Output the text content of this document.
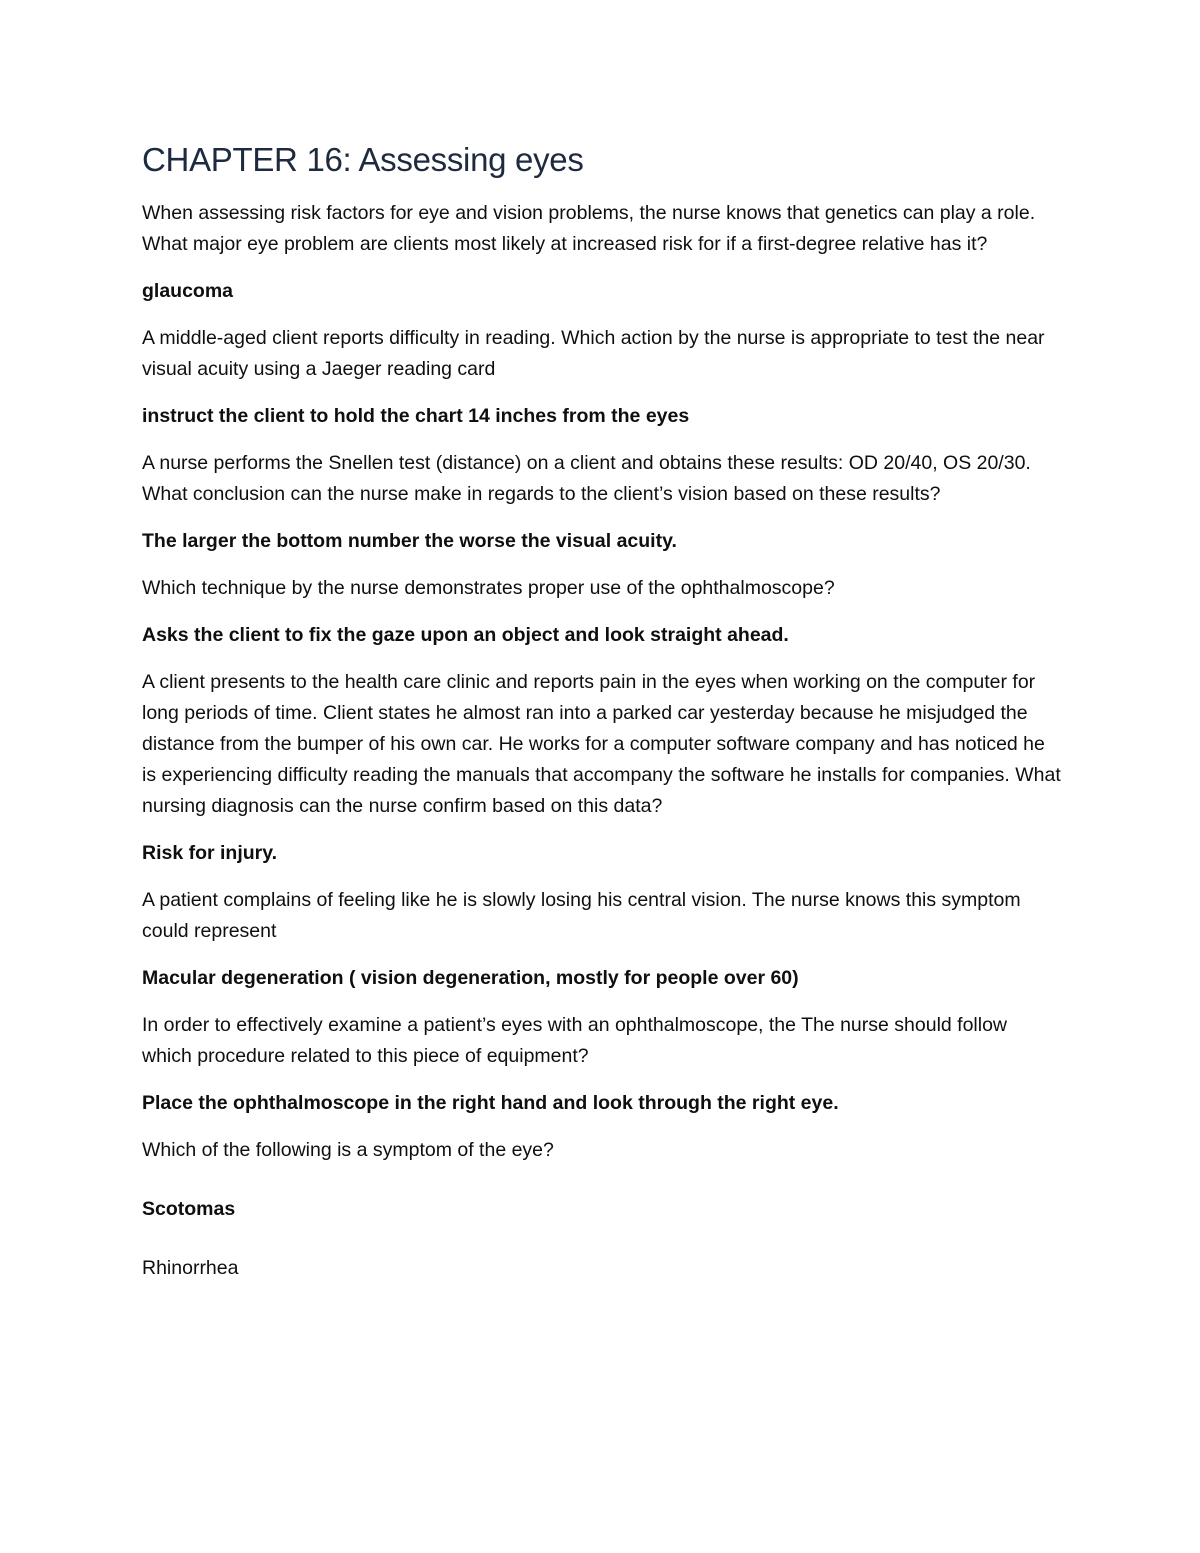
CHAPTER 16: Assessing eyes

When assessing risk factors for eye and vision problems, the nurse knows that genetics can play a role. What major eye problem are clients most likely at increased risk for if a first-degree relative has it?

glaucoma

A middle-aged client reports difficulty in reading. Which action by the nurse is appropriate to test the near visual acuity using a Jaeger reading card

instruct the client to hold the chart 14 inches from the eyes

A nurse performs the Snellen test (distance) on a client and obtains these results: OD 20/40, OS 20/30. What conclusion can the nurse make in regards to the client’s vision based on these results?

The larger the bottom number the worse the visual acuity.

Which technique by the nurse demonstrates proper use of the ophthalmoscope?

Asks the client to fix the gaze upon an object and look straight ahead.

A client presents to the health care clinic and reports pain in the eyes when working on the computer for long periods of time. Client states he almost ran into a parked car yesterday because he misjudged the distance from the bumper of his own car. He works for a computer software company and has noticed he is experiencing difficulty reading the manuals that accompany the software he installs for companies. What nursing diagnosis can the nurse confirm based on this data?

Risk for injury.

A patient complains of feeling like he is slowly losing his central vision. The nurse knows this symptom could represent

Macular degeneration ( vision degeneration, mostly for people over 60)

In order to effectively examine a patient’s eyes with an ophthalmoscope, the The nurse should follow which procedure related to this piece of equipment?

Place the ophthalmoscope in the right hand and look through the right eye.

Which of the following is a symptom of the eye?

Scotomas

Rhinorrhea
